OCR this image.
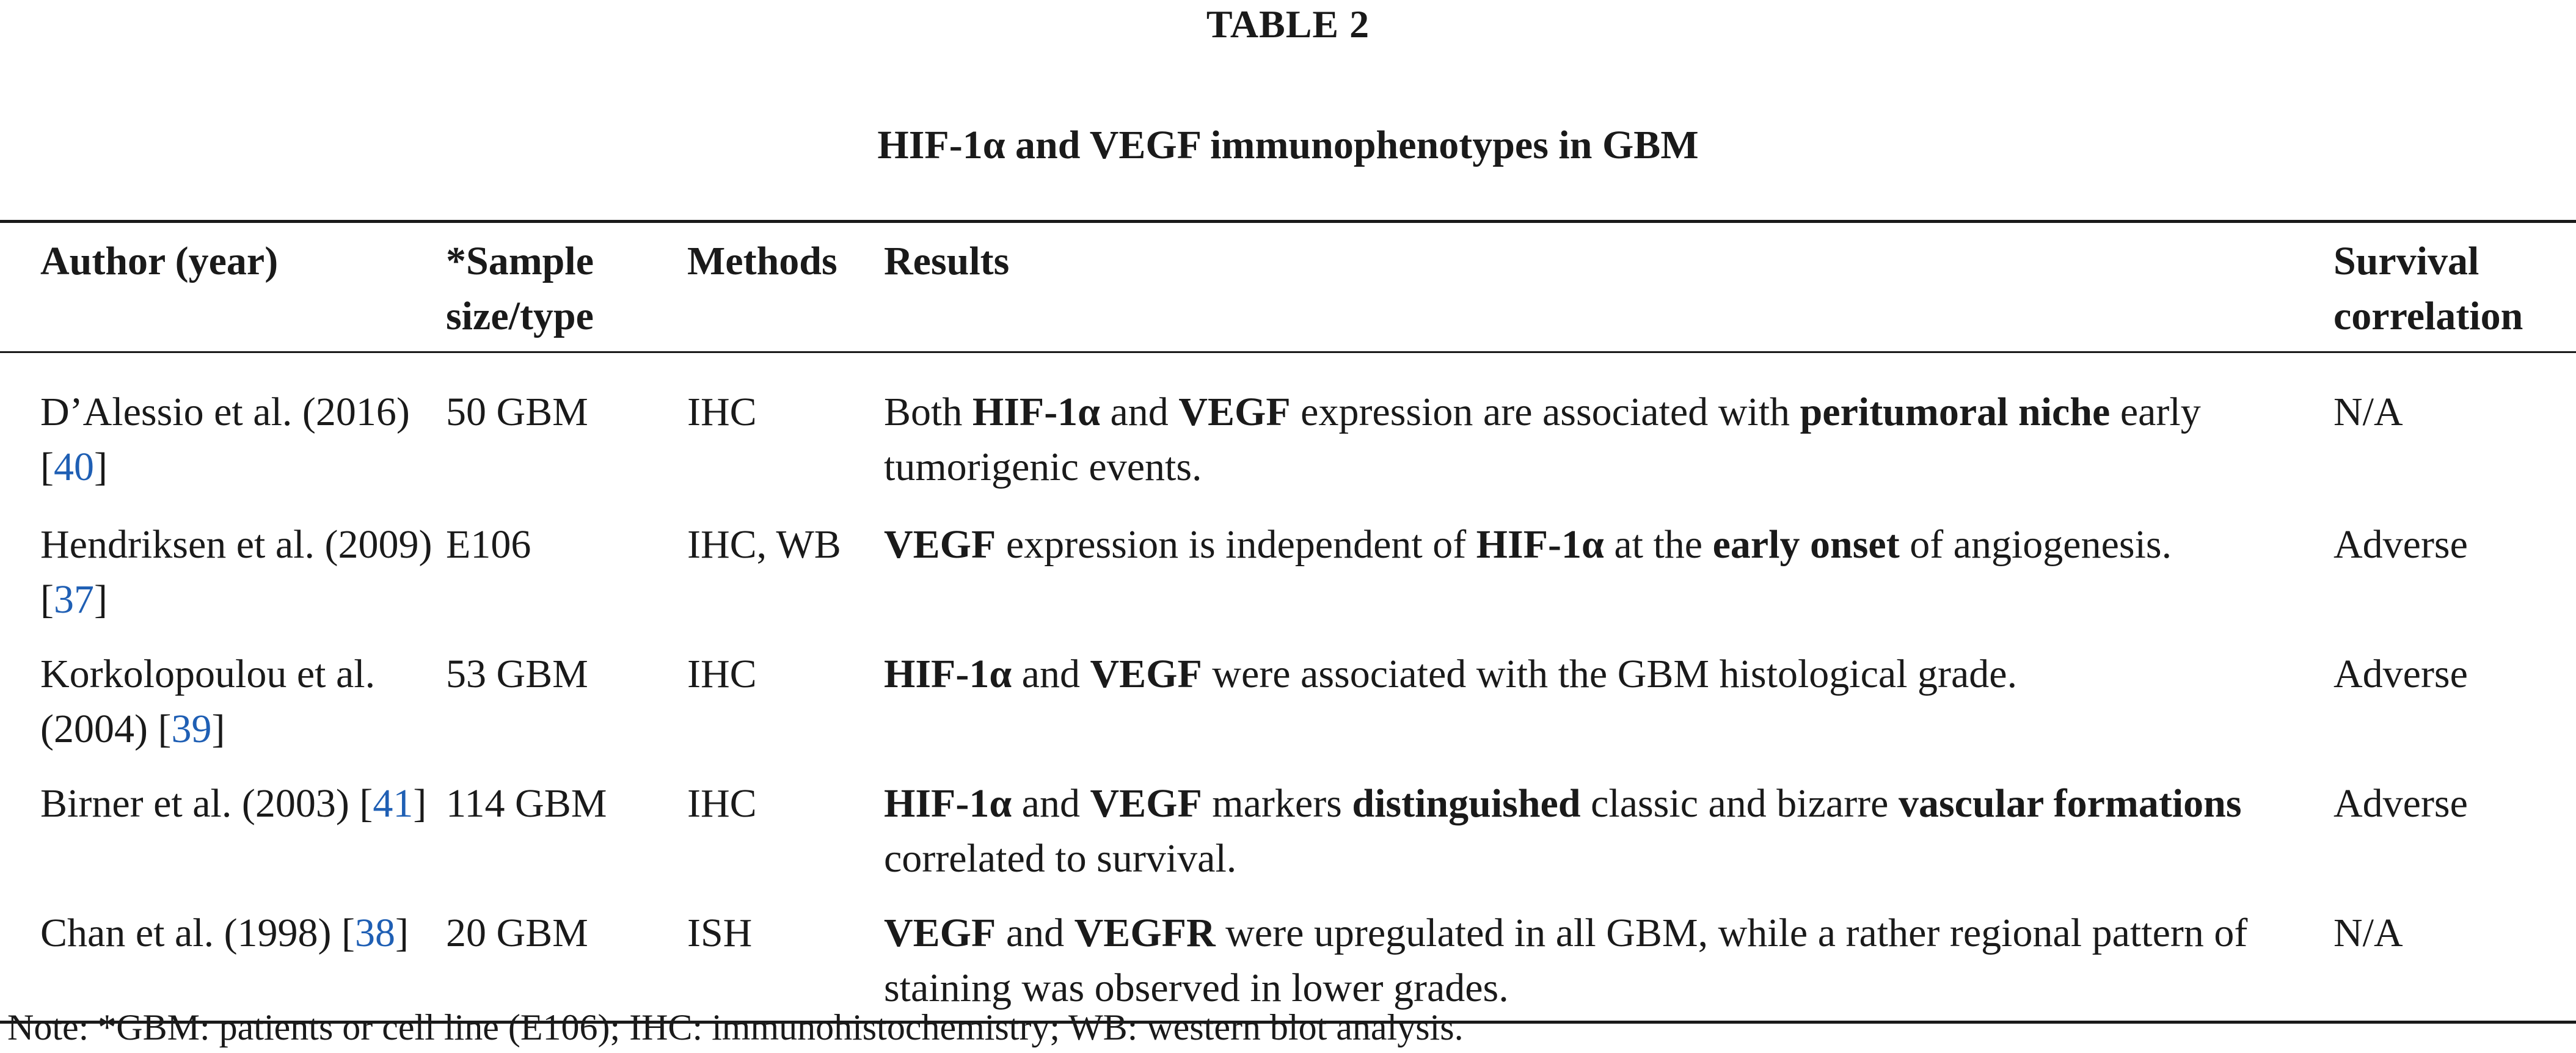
TABLE 2
HIF-1α and VEGF immunophenotypes in GBM
Author (year)	*Sample size/type	Methods	Results	Survival correlation
D’Alessio et al. (2016) [40]	50 GBM	IHC	Both HIF-1α and VEGF expression are associated with peritumoral niche early tumorigenic events.	N/A
Hendriksen et al. (2009) [37]	E106	IHC, WB	VEGF expression is independent of HIF-1α at the early onset of angiogenesis.	Adverse
Korkolopoulou et al. (2004) [39]	53 GBM	IHC	HIF-1α and VEGF were associated with the GBM histological grade.	Adverse
Birner et al. (2003) [41]	114 GBM	IHC	HIF-1α and VEGF markers distinguished classic and bizarre vascular formations correlated to survival.	Adverse
Chan et al. (1998) [38]	20 GBM	ISH	VEGF and VEGFR were upregulated in all GBM, while a rather regional pattern of staining was observed in lower grades.	N/A
Note: *GBM: patients or cell line (E106); IHC: immunohistochemistry; WB: western blot analysis.
